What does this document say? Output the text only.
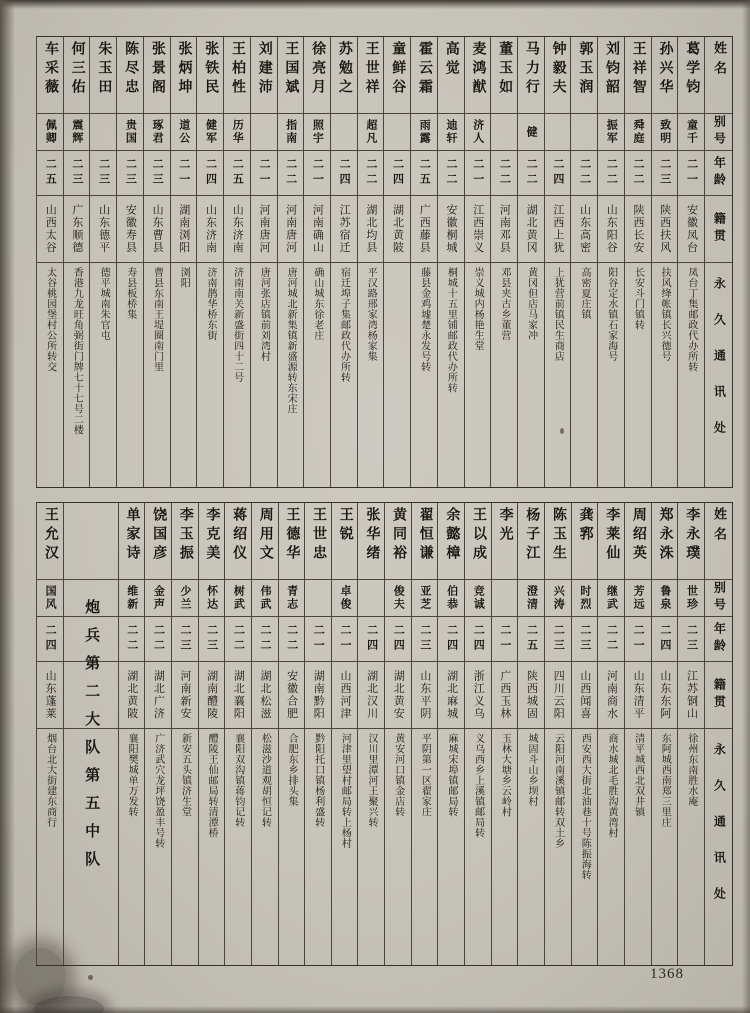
姓名
别号
年龄
籍贯
永久通讯处
葛学钧
童千
二一
安徽凤台
凤台丁集邮政代办所转
孙兴华
致明
二三
陕西扶风
扶风绛帐镇长兴德号
王祥智
舜庭
二二
陕西长安
长安斗门镇转
刘钧韶
振军
二二
山东阳谷
阳谷定水镇石家海号
郭玉润
二二
山东高密
高密夏庄镇
钟毅夫
二四
江西上犹
上犹营前镇民生商店
马力行
健
二二
湖北黄冈
黄冈但店马家冲
董玉如
二二
河南邓县
邓县夹古乡董营
麦鸿猷
济人
二一
江西崇义
崇义城内杨艳生堂
高觉
迪轩
二二
安徽桐城
桐城十五里铺邮政代办所转
霍云霜
雨露
二五
广西藤县
藤县金鸡墟楚永发号转
童鲜谷
二四
湖北黄陂
王世祥
超凡
二二
湖北均县
平汉路邢家湾杨家集
苏勉之
二四
江苏宿迁
宿迁埠子集邮政代办所转
徐亮月
照宇
二一
河南确山
确山城东徐老庄
王国斌
指南
二二
河南唐河
唐河城北新集镇新盛源转东宋庄
刘建沛
二一
河南唐河
唐河张店镇前刘湾村
王柏性
历华
二五
山东济南
济南南关新盛街四十二号
张铁民
健军
二四
山东济南
济南鹊华桥东街
张炳坤
道公
二一
湖南浏阳
浏阳
张景阁
琢君
二三
山东曹县
曹县东南王堤圈南门里
陈尽忠
贵国
二三
安徽寿县
寿县板桥集
朱玉田
二三
山东德平
德平城南朱官屯
何三佑
震辉
二三
广东顺德
香港九龙旺角弼街门牌七十七号二楼
车采薇
佩卿
二五
山西太谷
太谷桃园堡村公所转交
姓名
别号
年龄
籍贯
永久通讯处
李永璞
世珍
二三
江苏铜山
徐州东南胜水庵
郑永洙
鲁泉
二四
山东东阿
东阿城西南郑三里庄
周绍英
芳远
二一
山东清平
清平城西北双井镇
李莱仙
继武
二二
河南商水
商水城北毛胜沟黄湾村
龚郛
时烈
二三
山西闻喜
西安西大街北油巷十号陈振海转
陈玉生
兴涛
二三
四川云阳
云阳河南溪镇邮转双土乡
杨子江
澄清
二五
陕西城固
城固斗山乡坝村
李光
二一
广西玉林
玉林大塘乡云岭村
王以成
竞诚
二四
浙江义乌
义乌西乡上溪镇邮局转
余懿樟
伯恭
二四
湖北麻城
麻城宋埠镇邮局转
翟恒谦
亚芝
二三
山东平阴
平阴第一区翟家庄
黄同裕
俊夫
二四
湖北黄安
黄安河口镇金店转
张华绪
二四
湖北汉川
汉川里潭河王聚兴转
王锐
卓俊
二一
山西河津
河津里望村邮局转上杨村
王世忠
二一
湖南黔阳
黔阳托口镇杨利盛转
王德华
青志
二二
安徽合肥
合肥东乡排头集
周用文
伟武
二二
湖北松滋
松滋沙道观胡恒记转
蒋绍仪
树武
二二
湖北襄阳
襄阳双沟镇蒋钧记转
李克美
怀达
二三
湖南醴陵
醴陵王仙邮局转清潭桥
李玉振
少兰
二三
河南新安
新安五头镇济生堂
饶国彦
金声
二二
湖北广济
广济武穴龙坪饶盈丰号转
单家诗
维新
二二
湖北黄陂
襄阳樊城单万发转
炮兵第二大队第五中队
王允汉
国风
二四
山东蓬莱
烟台北大街建东商行
1368
